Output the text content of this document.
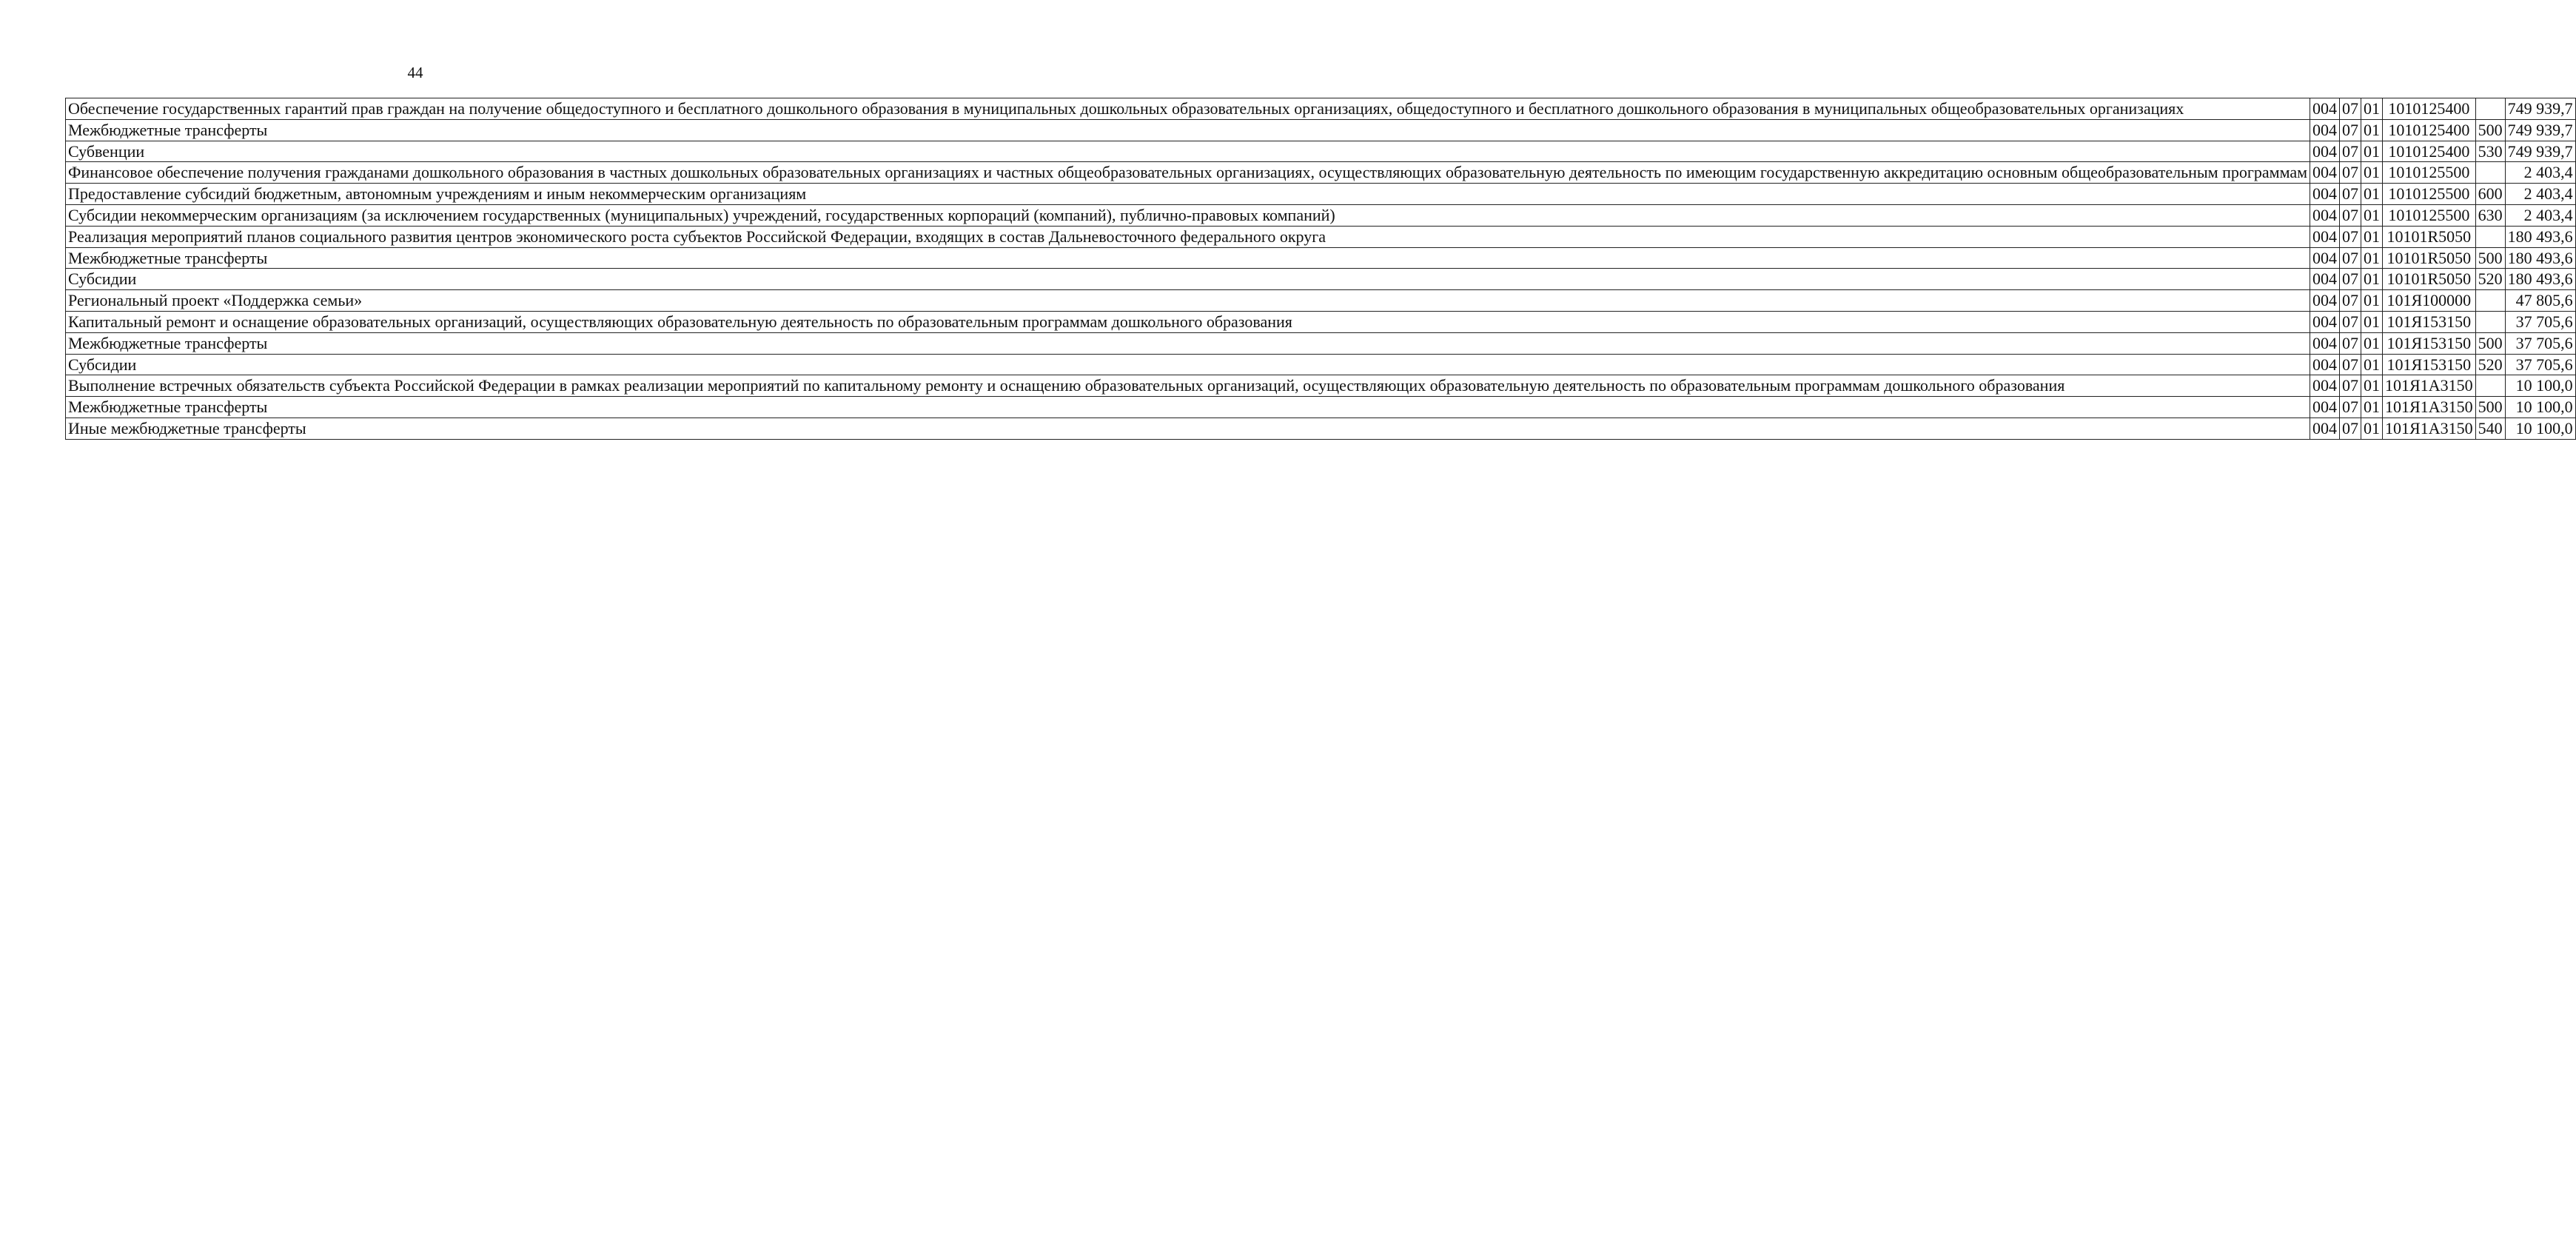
44
Обеспечение государственных гарантий прав граждан на получение общедоступного и бесплатного дошкольного образования в муниципальных дошкольных образовательных организациях, общедоступного и бесплатного дошкольного образования в муниципальных общеобразовательных организациях	004	07	01	1010125400		749 939,7
Межбюджетные трансферты	004	07	01	1010125400	500	749 939,7
Субвенции	004	07	01	1010125400	530	749 939,7
Финансовое обеспечение получения гражданами дошкольного образования в частных дошкольных образовательных организациях и частных общеобразовательных организациях, осуществляющих образовательную деятельность по имеющим государственную аккредитацию основным общеобразовательным программам	004	07	01	1010125500		2 403,4
Предоставление субсидий бюджетным, автономным учреждениям и иным некоммерческим организациям	004	07	01	1010125500	600	2 403,4
Субсидии некоммерческим организациям (за исключением государственных (муниципальных) учреждений, государственных корпораций (компаний), публично-правовых компаний)	004	07	01	1010125500	630	2 403,4
Реализация мероприятий планов социального развития центров экономического роста субъектов Российской Федерации, входящих в состав Дальневосточного федерального округа	004	07	01	10101R5050		180 493,6
Межбюджетные трансферты	004	07	01	10101R5050	500	180 493,6
Субсидии	004	07	01	10101R5050	520	180 493,6
Региональный проект «Поддержка семьи»	004	07	01	101Я100000		47 805,6
Капитальный ремонт и оснащение образовательных организаций, осуществляющих образовательную деятельность по образовательным программам дошкольного образования	004	07	01	101Я153150		37 705,6
Межбюджетные трансферты	004	07	01	101Я153150	500	37 705,6
Субсидии	004	07	01	101Я153150	520	37 705,6
Выполнение встречных обязательств субъекта Российской Федерации в рамках реализации мероприятий по капитальному ремонту и оснащению образовательных организаций, осуществляющих образовательную деятельность по образовательным программам дошкольного образования	004	07	01	101Я1А3150		10 100,0
Межбюджетные трансферты	004	07	01	101Я1А3150	500	10 100,0
Иные межбюджетные трансферты	004	07	01	101Я1А3150	540	10 100,0
